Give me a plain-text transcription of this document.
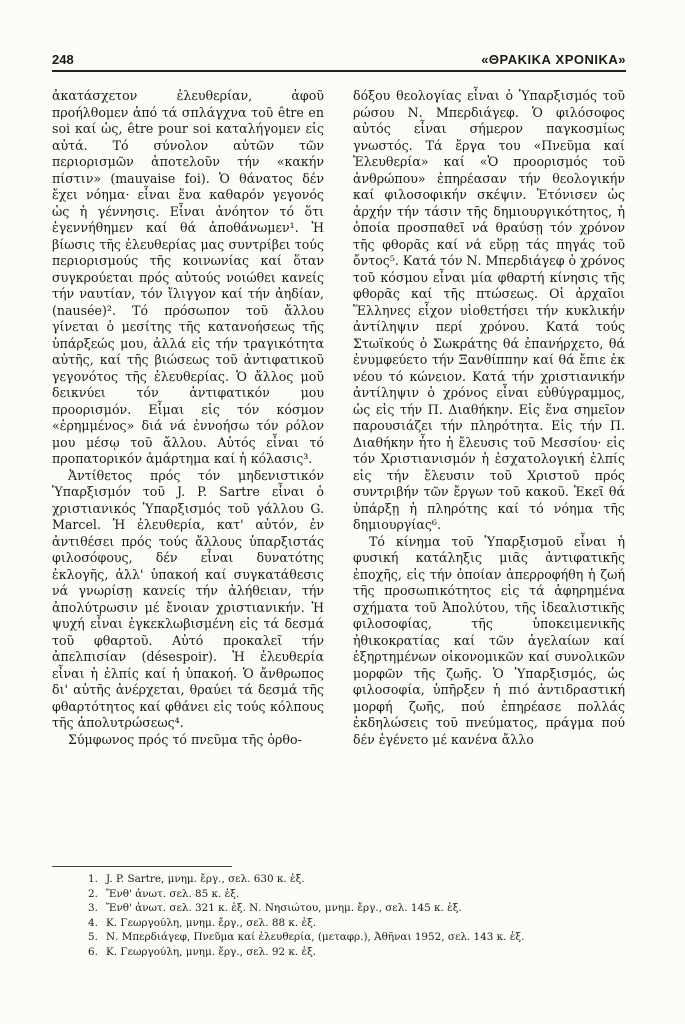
248	«ΘΡΑΚΙΚΑ ΧΡΟΝΙΚΑ»

ἀκατάσχετον ἐλευθερίαν, ἀφοῦ προήλθομεν ἀπό τά σπλάγχνα τοῦ être en soi καί ὡς, être pour soi καταλήγομεν εἰς αὐτά. Τό σύνολον αὐτῶν τῶν περιορισμῶν ἀποτελοῦν τήν «κακήν πίστιν» (mauvaise foi). Ὁ θάνατος δέν ἔχει νόημα· εἶναι ἕνα καθαρόν γεγονός ὡς ἡ γέννησις. Εἶναι ἀνόητον τό ὅτι ἐγεννήθημεν καί θά ἀποθάνωμεν¹. Ἡ βίωσις τῆς ἐλευθερίας μας συντρίβει τούς περιορισμούς τῆς κοινωνίας καί ὅταν συγκρούεται πρός αὐτούς νοιώθει κανείς τήν ναυτίαν, τόν ἴλιγγον καί τήν ἀηδίαν, (nausée)². Τό πρόσωπον τοῦ ἄλλου γίνεται ὁ μεσίτης τῆς κατανοήσεως τῆς ὑπάρξεώς μου, ἀλλά εἰς τήν τραγικότητα αὐτῆς, καί τῆς βιώσεως τοῦ ἀντιφατικοῦ γεγονότος τῆς ἐλευθερίας. Ὁ ἄλλος μοῦ δεικνύει τόν ἀντιφατικόν μου προορισμόν. Εἶμαι εἰς τόν κόσμον «ἐρημμένος» διά νά ἐννοήσω τόν ρόλον μου μέσῳ τοῦ ἄλλου. Αὐτός εἶναι τό προπατορικόν ἁμάρτημα καί ἡ κόλασις³.

Ἀντίθετος πρός τόν μηδενιστικόν Ὑπαρξισμόν τοῦ J. P. Sartre εἶναι ὁ χριστιανικός Ὑπαρξισμός τοῦ γάλλου G. Marcel. Ἡ ἐλευθερία, κατ' αὐτόν, ἐν ἀντιθέσει πρός τούς ἄλλους ὑπαρξιστάς φιλοσόφους, δέν εἶναι δυνατότης ἐκλογῆς, ἀλλ' ὑπακοή καί συγκατάθεσις νά γνωρίσῃ κανείς τήν ἀλήθειαν, τήν ἀπολύτρωσιν μέ ἔνοιαν χριστιανικήν. Ἡ ψυχή εἶναι ἐγκεκλωβισμένη εἰς τά δεσμά τοῦ φθαρτοῦ. Αὐτό προκαλεῖ τήν ἀπελπισίαν (désespoir). Ἡ ἐλευθερία εἶναι ἡ ἐλπίς καί ἡ ὑπακοή. Ὁ ἄνθρωπος δι' αὐτῆς ἀνέρχεται, θραύει τά δεσμά τῆς φθαρτότητος καί φθάνει εἰς τούς κόλπους τῆς ἀπολυτρώσεως⁴.

Σύμφωνος πρός τό πνεῦμα τῆς ὀρθο-

δόξου θεολογίας εἶναι ὁ Ὑπαρξισμός τοῦ ρώσου Ν. Μπερδιάγεφ. Ὁ φιλόσοφος αὐτός εἶναι σήμερον παγκοσμίως γνωστός. Τά ἔργα του «Πνεῦμα καί Ἐλευθερία» καί «Ὁ προορισμός τοῦ ἀνθρώπου» ἐπηρέασαν τήν θεολογικήν καί φιλοσοφικήν σκέψιν. Ἐτόνισεν ὡς ἀρχήν τήν τάσιν τῆς δημιουργικότητος, ἡ ὁποία προσπαθεῖ νά θραύσῃ τόν χρόνον τῆς φθορᾶς καί νά εὕρῃ τάς πηγάς τοῦ ὄντος⁵. Κατά τόν Ν. Μπερδιάγεφ ὁ χρόνος τοῦ κόσμου εἶναι μία φθαρτή κίνησις τῆς φθορᾶς καί τῆς πτώσεως. Οἱ ἀρχαῖοι Ἕλληνες εἶχον υἱοθετήσει τήν κυκλικήν ἀντίληψιν περί χρόνου. Κατά τούς Στωϊκούς ὁ Σωκράτης θά ἐπανήρχετο, θά ἐνυμφεύετο τήν Ξανθίππην καί θά ἔπιε ἐκ νέου τό κώνειον. Κατά τήν χριστιανικήν ἀντίληψιν ὁ χρόνος εἶναι εὐθύγραμμος, ὡς εἰς τήν Π. Διαθήκην. Εἰς ἕνα σημεῖον παρουσιάζει τήν πληρότητα. Εἰς τήν Π. Διαθήκην ἦτο ἡ ἔλευσις τοῦ Μεσσίου· εἰς τόν Χριστιανισμόν ἡ ἐσχατολογική ἐλπίς εἰς τήν ἔλευσιν τοῦ Χριστοῦ πρός συντριβήν τῶν ἔργων τοῦ κακοῦ. Ἐκεῖ θά ὑπάρξῃ ἡ πληρότης καί τό νόημα τῆς δημιουργίας⁶.

Τό κίνημα τοῦ Ὑπαρξισμοῦ εἶναι ἡ φυσική κατάληξις μιᾶς ἀντιφατικῆς ἐποχῆς, εἰς τήν ὁποίαν ἀπερροφήθη ἡ ζωή τῆς προσωπικότητος εἰς τά ἀφηρημένα σχήματα τοῦ Ἀπολύτου, τῆς ἰδεαλιστικῆς φιλοσοφίας, τῆς ὑποκειμενικῆς ἠθικοκρατίας καί τῶν ἀγελαίων καί ἐξηρτημένων οἰκονομικῶν καί συνολικῶν μορφῶν τῆς ζωῆς. Ὁ Ὑπαρξισμός, ὡς φιλοσοφία, ὑπῆρξεν ἡ πιό ἀντιδραστική μορφή ζωῆς, πού ἐπηρέασε πολλάς ἐκδηλώσεις τοῦ πνεύματος, πράγμα πού δέν ἐγένετο μέ κανένα ἄλλο

1. J. P. Sartre, μνημ. ἔργ., σελ. 630 κ. ἑξ.
2. Ἔνθ' ἀνωτ. σελ. 85 κ. ἑξ.
3. Ἔνθ' ἀνωτ. σελ. 321 κ. ἑξ. Ν. Νησιώτου, μνημ. ἔργ., σελ. 145 κ. ἑξ.
4. Κ. Γεωργούλη, μνημ. ἔργ., σελ. 88 κ. ἑξ.
5. Ν. Μπερδιάγεφ, Πνεῦμα καί ἐλευθερία, (μεταφρ.), Ἀθῆναι 1952, σελ. 143 κ. ἑξ.
6. Κ. Γεωργούλη, μνημ. ἔργ., σελ. 92 κ. ἑξ.
